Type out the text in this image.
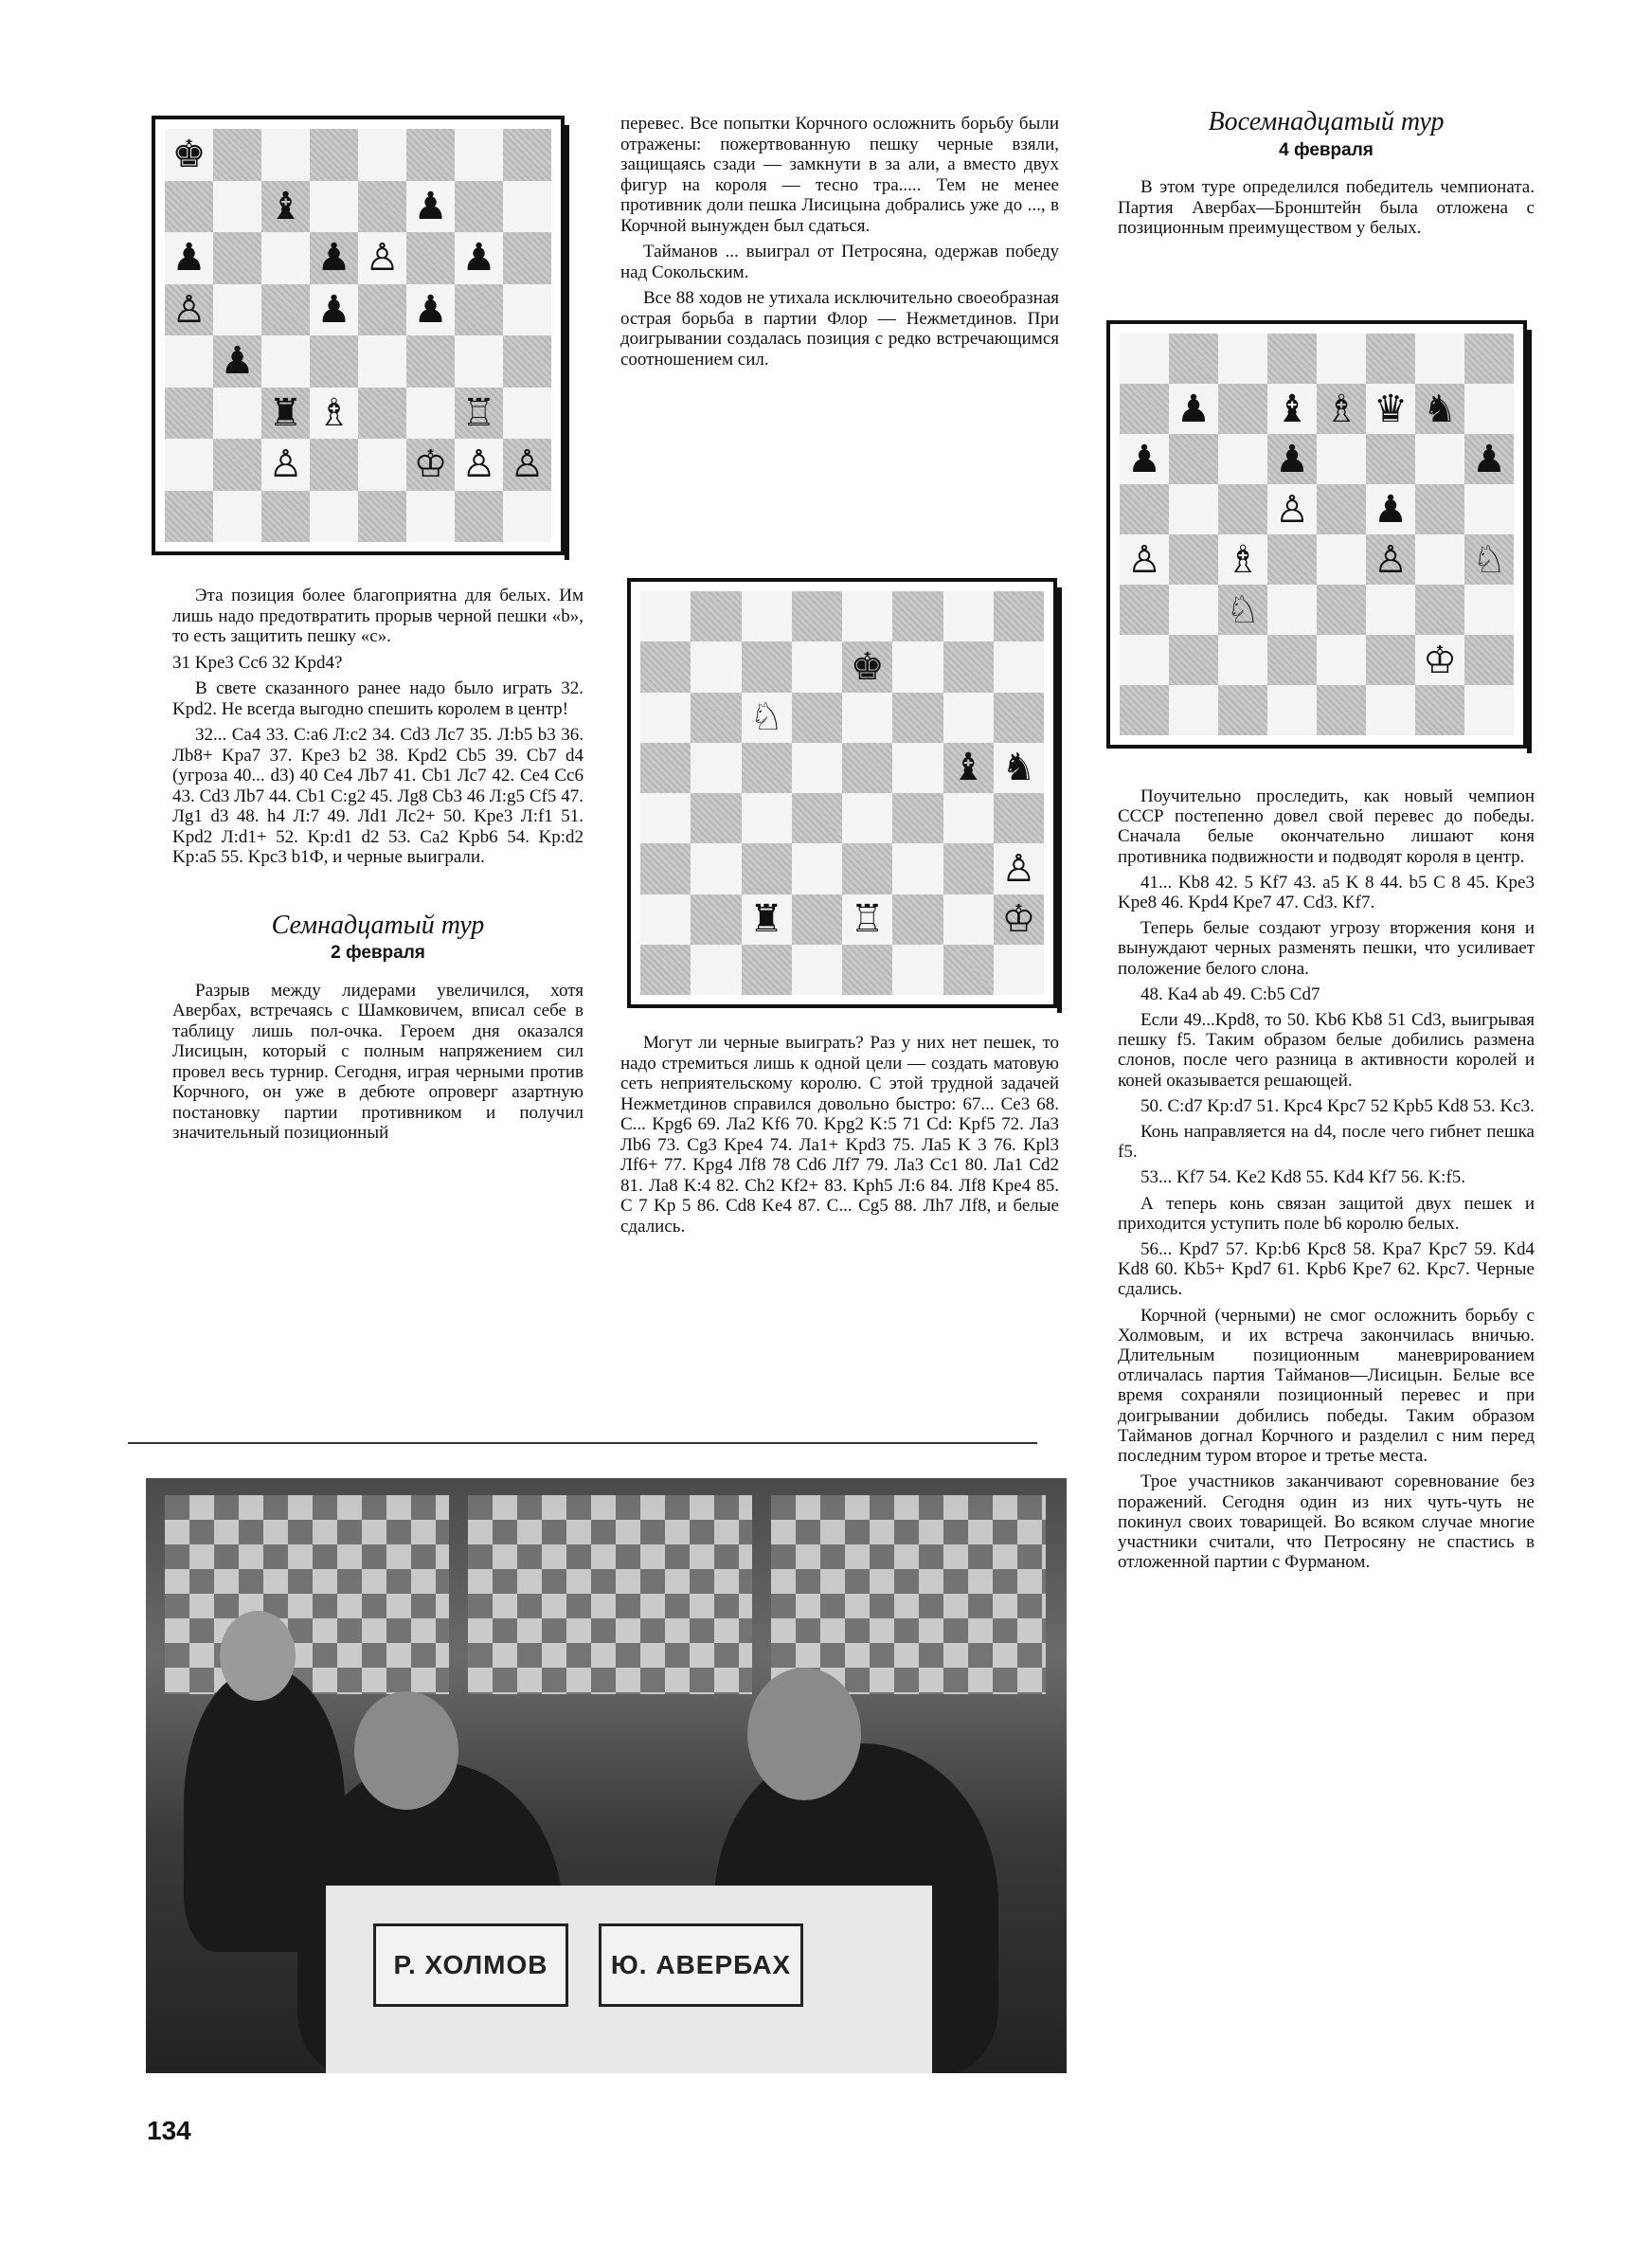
♚
♝	♟
♟	♟ ♙ ♟
♙	♟ ♟
♟
♜ ♗	♖
♙	♔ ♙ ♙

Эта позиция более благоприятна для белых. Им лишь надо предотвратить прорыв черной пешки «b», то есть защитить пешку «с».

31 Kpe3 Cc6 32 Kpd4?

В свете сказанного ранее надо было играть 32. Kpd2. Не всегда выгодно спешить королем в центр!

32... Ca4 33. C:a6 Л:c2 34. Cd3 Лc7 35. Л:b5 b3 36. Лb8+ Kpa7 37. Kpe3 b2 38. Kpd2 Cb5 39. Cb7 d4 (угроза 40... d3) 40 Ce4 Лb7 41. Cb1 Лc7 42. Ce4 Cc6 43. Cd3 Лb7 44. Cb1 C:g2 45. Лg8 Cb3 46 Л:g5 Cf5 47. Лg1 d3 48. h4 Л:7 49. Лd1 Лc2+ 50. Kpe3 Л:f1 51. Kpd2 Л:d1+ 52. Kp:d1 d2 53. Ca2 Kpb6 54. Kp:d2 Kp:a5 55. Kpc3 b1Ф, и черные выиграли.

Семнадцатый тур
2 февраля

Разрыв между лидерами увеличился, хотя Авербах, встречаясь с Шамковичем, вписал себе в таблицу лишь пол-очка. Героем дня оказался Лисицын, который с полным напряжением сил провел весь турнир. Сегодня, играя черными против Корчного, он уже в дебюте опроверг азартную постановку партии противником и получил значительный позиционный

перевес. Все попытки Корчного осложнить борьбу были отражены: пожертвованную пешку черные взяли, защищаясь сзади — замкнути в за али, а вместо двух фигур на короля — тесно тра..... Тем не менее противник доли пешка Лисицына добрались уже до ..., в Корчной вынужден был сдаться.

Тайманов ... выиграл от Петросяна, одержав победу над Сокольским.

Все 88 ходов не утихала исключительно своеобразная острая борьба в партии Флор — Нежметдинов. При доигрывании создалась позиция с редко встречающимся соотношением сил.

♚
♘
♝ ♞
♙
♜ ♖	♔

Могут ли черные выиграть? Раз у них нет пешек, то надо стремиться лишь к одной цели — создать матовую сеть неприятельскому королю. С этой трудной задачей Нежметдинов справился довольно быстро: 67... Ce3 68. C... Kpg6 69. Ла2 Kf6 70. Kpg2 K:5 71 Cd: Kpf5 72. Ла3 Лb6 73. Cg3 Kpe4 74. Ла1+ Kpd3 75. Ла5 K 3 76. Kpl3 Лf6+ 77. Kpg4 Лf8 78 Cd6 Лf7 79. Ла3 Cc1 80. Ла1 Cd2 81. Ла8 K:4 82. Ch2 Kf2+ 83. Kph5 Л:6 84. Лf8 Kpe4 85. C 7 Kp 5 86. Cd8 Ke4 87. C... Cg5 88. Лh7 Лf8, и белые сдались.

Восемнадцатый тур
4 февраля

В этом туре определился победитель чемпионата. Партия Авербах—Бронштейн была отложена с позиционным преимуществом у белых.

♟ ♝ ♗ ♛ ♞
♟	♟	♟
♙ ♟
♙ ♗	♙ ♘
♘
♔

Поучительно проследить, как новый чемпион СССР постепенно довел свой перевес до победы. Сначала белые окончательно лишают коня противника подвижности и подводят короля в центр.

41... Kb8 42. 5 Kf7 43. a5 K 8 44. b5 C 8 45. Kpe3 Kpe8 46. Kpd4 Kpe7 47. Cd3. Kf7.

Теперь белые создают угрозу вторжения коня и вынуждают черных разменять пешки, что усиливает положение белого слона.

48. Ka4 ab 49. C:b5 Cd7

Если 49...Kpd8, то 50. Kb6 Kb8 51 Cd3, выигрывая пешку f5. Таким образом белые добились размена слонов, после чего разница в активности королей и коней оказывается решающей.

50. C:d7 Kp:d7 51. Kpc4 Kpc7 52 Kpb5 Kd8 53. Kc3.

Конь направляется на d4, после чего гибнет пешка f5.

53... Kf7 54. Ke2 Kd8 55. Kd4 Kf7 56. K:f5.

А теперь конь связан защитой двух пешек и приходится уступить поле b6 королю белых.

56... Kpd7 57. Kp:b6 Kpc8 58. Kpa7 Kpc7 59. Kd4 Kd8 60. Kb5+ Kpd7 61. Kpb6 Kpe7 62. Kpc7. Черные сдались.

Корчной (черными) не смог осложнить борьбу с Холмовым, и их встреча закончилась вничью. Длительным позиционным маневрированием отличалась партия Тайманов—Лисицын. Белые все время сохраняли позиционный перевес и при доигрывании добились победы. Таким образом Тайманов догнал Корчного и разделил с ним перед последним туром второе и третье места.

Трое участников заканчивают соревнование без поражений. Сегодня один из них чуть-чуть не покинул своих товарищей. Во всяком случае многие участники считали, что Петросяну не спастись в отложенной партии с Фурманом.

Р. ХОЛМОВ	Ю. АВЕРБАХ
134
